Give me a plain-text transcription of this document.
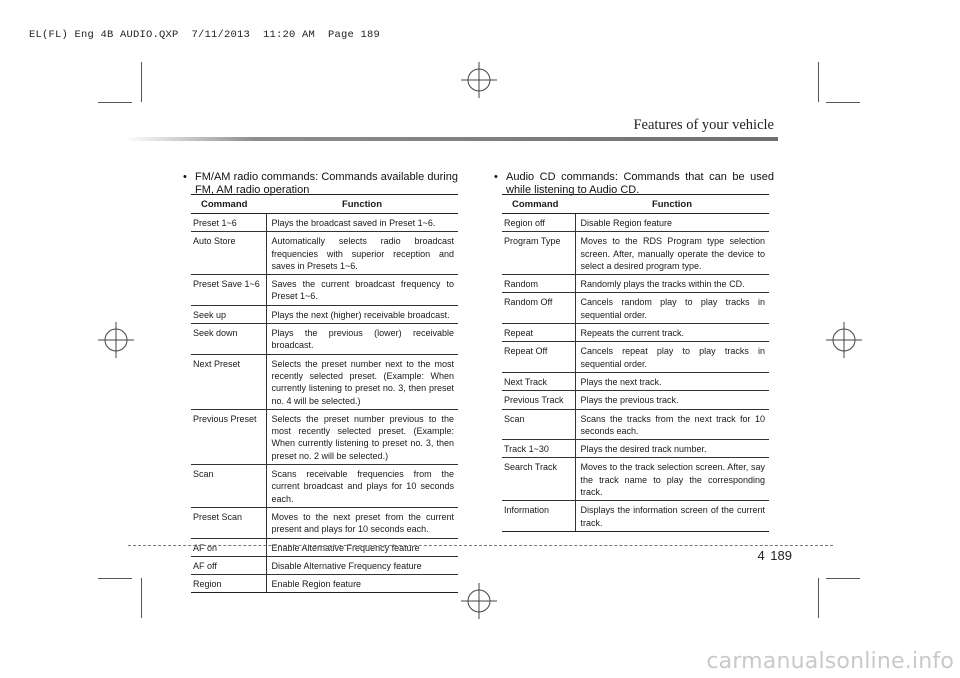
EL(FL) Eng 4B AUDIO.QXP  7/11/2013  11:20 AM  Page 189
Features of your vehicle
• FM/AM radio commands: Commands available during FM, AM radio operation
Command	Function
Preset 1~6	Plays the broadcast saved in Preset 1~6.
Auto Store	Automatically selects radio broadcast frequencies with superior reception and saves in Presets 1~6.
Preset Save 1~6	Saves the current broadcast frequency to Preset 1~6.
Seek up	Plays the next (higher) receivable broadcast.
Seek down	Plays the previous (lower) receivable broadcast.
Next Preset	Selects the preset number next to the most recently selected preset. (Example: When currently listening to preset no. 3, then preset no. 4 will be selected.)
Previous Preset	Selects the preset number previous to the most recently selected preset. (Example: When currently listening to preset no. 3, then preset no. 2 will be selected.)
Scan	Scans receivable frequencies from the current broadcast and plays for 10 seconds each.
Preset Scan	Moves to the next preset from the current present and plays for 10 seconds each.
AF on	Enable Alternative Frequency feature
AF off	Disable Alternative Frequency feature
Region	Enable Region feature
• Audio CD commands: Commands that can be used while listening to Audio CD.
Command	Function
Region off	Disable Region feature
Program Type	Moves to the RDS Program type selection screen. After, manually operate the device to select a desired program type.
Random	Randomly plays the tracks within the CD.
Random Off	Cancels random play to play tracks in sequential order.
Repeat	Repeats the current track.
Repeat Off	Cancels repeat play to play tracks in sequential order.
Next Track	Plays the next track.
Previous Track	Plays the previous track.
Scan	Scans the tracks from the next track for 10 seconds each.
Track 1~30	Plays the desired track number.
Search Track	Moves to the track selection screen. After, say the track name to play the corresponding track.
Information	Displays the information screen of the current track.
4 189
carmanualsonline.info
